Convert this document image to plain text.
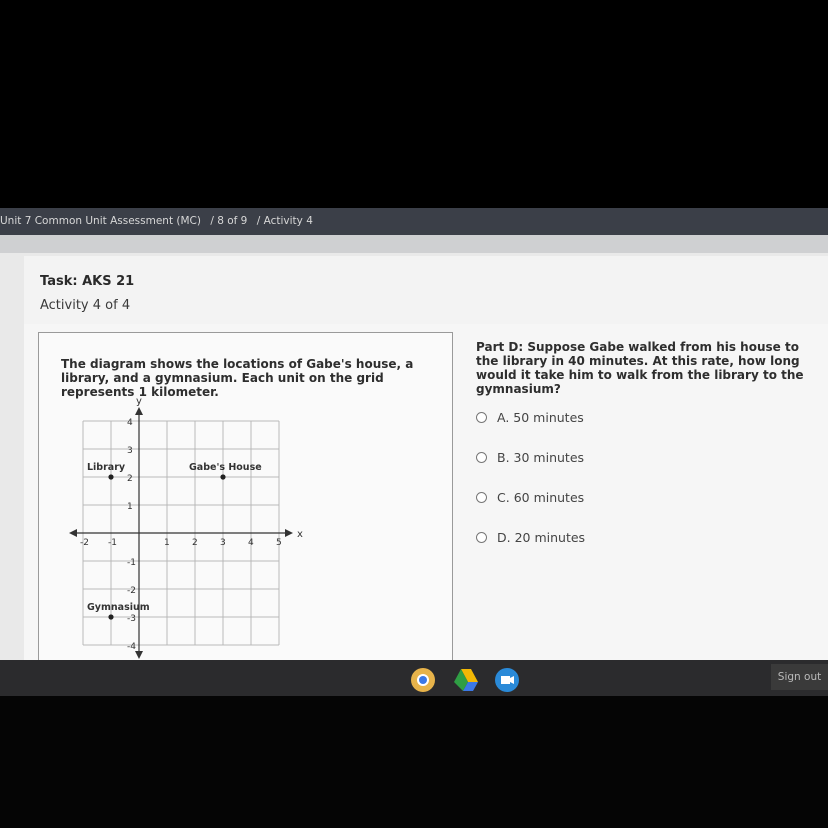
Unit 7 Common Unit Assessment (MC) / 8 of 9 / Activity 4
Task: AKS 21
Activity 4 of 4
The diagram shows the locations of Gabe's house, a library, and a gymnasium. Each unit on the grid represents 1 kilometer.
x
y
-2 -1	1 2 3 4 5
4
3
2
1
-1
-2
-3
-4
Library	Gabe's House
Gymnasium
Part D: Suppose Gabe walked from his house to the library in 40 minutes. At this rate, how long would it take him to walk from the library to the gymnasium?
A. 50 minutes
B. 30 minutes
C. 60 minutes
D. 20 minutes
Sign out
